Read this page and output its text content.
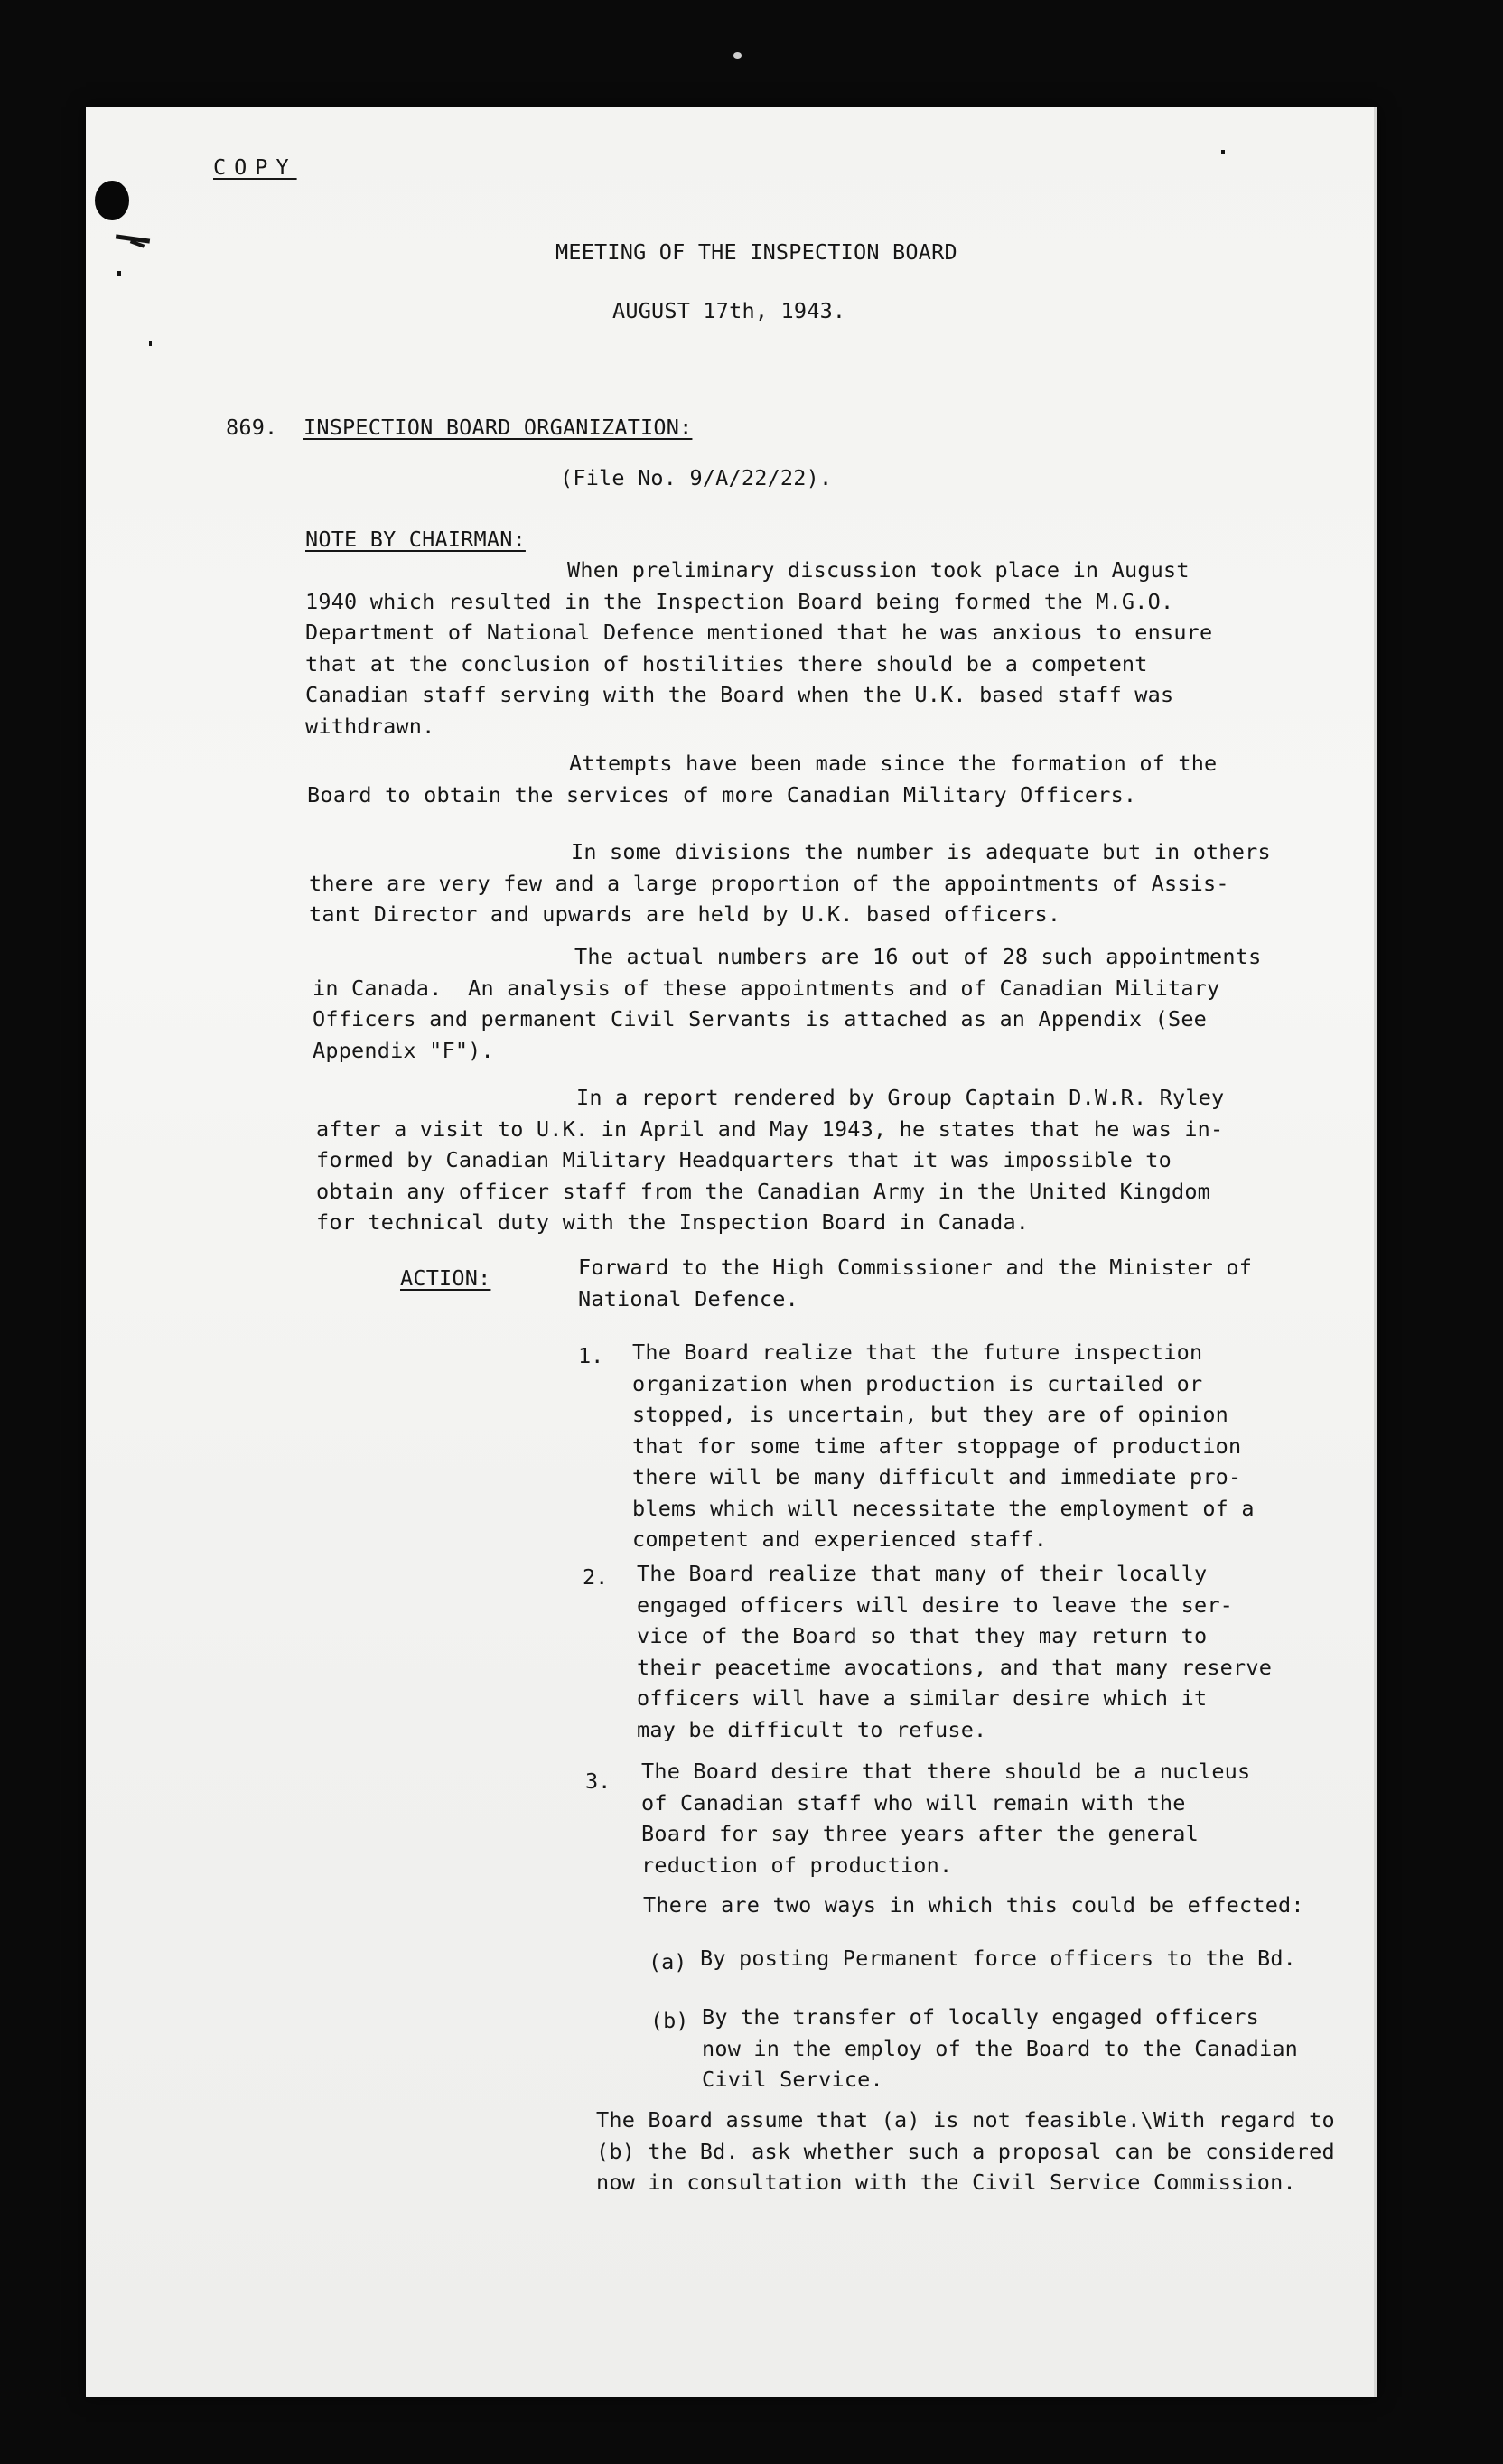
COPY
MEETING OF THE INSPECTION BOARD
AUGUST 17th, 1943.
869. INSPECTION BOARD ORGANIZATION:
(File No. 9/A/22/22).
NOTE BY CHAIRMAN:
When preliminary discussion took place in August
1940 which resulted in the Inspection Board being formed the M.G.O.
Department of National Defence mentioned that he was anxious to ensure
that at the conclusion of hostilities there should be a competent
Canadian staff serving with the Board when the U.K. based staff was
withdrawn.
Attempts have been made since the formation of the
Board to obtain the services of more Canadian Military Officers.
In some divisions the number is adequate but in others
there are very few and a large proportion of the appointments of Assis-
tant Director and upwards are held by U.K. based officers.
The actual numbers are 16 out of 28 such appointments
in Canada.  An analysis of these appointments and of Canadian Military
Officers and permanent Civil Servants is attached as an Appendix (See
Appendix "F").
In a report rendered by Group Captain D.W.R. Ryley
after a visit to U.K. in April and May 1943, he states that he was in-
formed by Canadian Military Headquarters that it was impossible to
obtain any officer staff from the Canadian Army in the United Kingdom
for technical duty with the Inspection Board in Canada.
ACTION:	Forward to the High Commissioner and the Minister of
National Defence.
1. The Board realize that the future inspection
organization when production is curtailed or
stopped, is uncertain, but they are of opinion
that for some time after stoppage of production
there will be many difficult and immediate pro-
blems which will necessitate the employment of a
competent and experienced staff.
2. The Board realize that many of their locally
engaged officers will desire to leave the ser-
vice of the Board so that they may return to
their peacetime avocations, and that many reserve
officers will have a similar desire which it
may be difficult to refuse.
3. The Board desire that there should be a nucleus
of Canadian staff who will remain with the
Board for say three years after the general
reduction of production.
There are two ways in which this could be effected:
(a) By posting Permanent force officers to the Bd.
(b) By the transfer of locally engaged officers
now in the employ of the Board to the Canadian
Civil Service.
The Board assume that (a) is not feasible.\With regard to
(b) the Bd. ask whether such a proposal can be considered
now in consultation with the Civil Service Commission.
